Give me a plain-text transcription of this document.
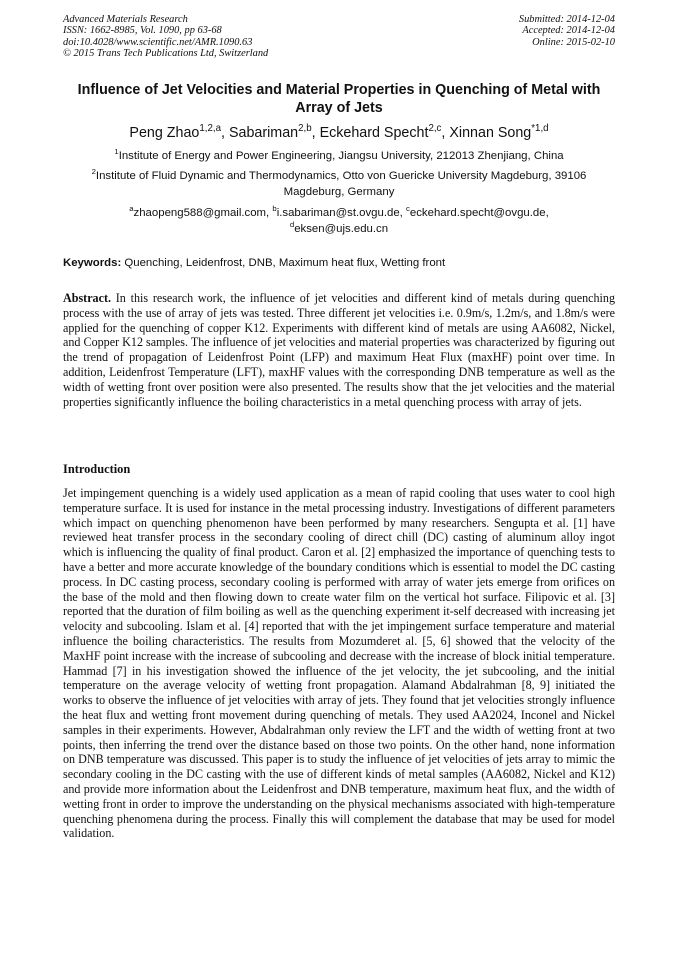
Advanced Materials Research
ISSN: 1662-8985, Vol. 1090, pp 63-68
doi:10.4028/www.scientific.net/AMR.1090.63
© 2015 Trans Tech Publications Ltd, Switzerland
Submitted: 2014-12-04
Accepted: 2014-12-04
Online: 2015-02-10
Influence of Jet Velocities and Material Properties in Quenching of Metal with Array of Jets
Peng Zhao$^{1,2,a}$, Sabariman$^{2,b}$, Eckehard Specht$^{2,c}$, Xinnan Song$^{*1,d}$
$^1$Institute of Energy and Power Engineering, Jiangsu University, 212013 Zhenjiang, China
$^2$Institute of Fluid Dynamic and Thermodynamics, Otto von Guericke University Magdeburg, 39106 Magdeburg, Germany
$^a$zhaopeng588@gmail.com, $^b$i.sabariman@st.ovgu.de, $^c$eckehard.specht@ovgu.de,
$^d$eksen@ujs.edu.cn
Keywords: Quenching, Leidenfrost, DNB, Maximum heat flux, Wetting front

Abstract. In this research work, the influence of jet velocities and different kind of metals during quenching process with the use of array of jets was tested. Three different jet velocities i.e. 0.9m/s, 1.2m/s, and 1.8m/s were applied for the quenching of copper K12. Experiments with different kind of metals are using AA6082, Nickel, and Copper K12 samples. The influence of jet velocities and material properties was characterized by figuring out the trend of propagation of Leidenfrost Point (LFP) and maximum Heat Flux (maxHF) point over time. In addition, Leidenfrost Temperature (LFT), maxHF values with the corresponding DNB temperature as well as the width of wetting front over position were also presented. The results show that the jet velocities and the material properties significantly influence the boiling characteristics in a metal quenching process with array of jets.

Introduction

Jet impingement quenching is a widely used application as a mean of rapid cooling that uses water to cool high temperature surface. It is used for instance in the metal processing industry. Investigations of different parameters which impact on quenching phenomenon have been performed by many researchers. Sengupta et al. [1] have reviewed heat transfer process in the secondary cooling of direct chill (DC) casting of aluminum alloy ingot which is influencing the quality of final product. Caron et al. [2] emphasized the importance of quenching tests to have a better and more accurate knowledge of the boundary conditions which is essential to model the DC casting process. In DC casting process, secondary cooling is performed with array of water jets emerge from orifices on the base of the mold and then flowing down to create water film on the vertical hot surface. Filipovic et al. [3] reported that the duration of film boiling as well as the quenching experiment it-self decreased with increasing jet velocity and subcooling. Islam et al. [4] reported that with the jet impingement surface temperature and material influence the boiling characteristics. The results from Mozumderet al. [5, 6] showed that the velocity of the MaxHF point increase with the increase of subcooling and decrease with the increase of block initial temperature. Hammad [7] in his investigation showed the influence of the jet velocity, the jet subcooling, and the initial temperature on the average velocity of wetting front propagation. Alamand Abdalrahman [8, 9] initiated the works to observe the influence of jet velocities with array of jets. They found that jet velocities strongly influence the heat flux and wetting front movement during quenching of metals. They used AA2024, Inconel and Nickel samples in their experiments. However, Abdalrahman only review the LFT and the width of wetting front at two points, then inferring the trend over the distance based on those two points. On the other hand, none information on DNB temperature was discussed. This paper is to study the influence of jet velocities of jets array to mimic the secondary cooling in the DC casting with the use of different kinds of metal samples (AA6082, Nickel and K12) and provide more information about the Leidenfrost and DNB temperature, maximum heat flux, and the width of wetting front in order to improve the understanding on the physical mechanisms associated with high-temperature quenching phenomena during the process. Finally this will complement the database that may be used for model validation.
